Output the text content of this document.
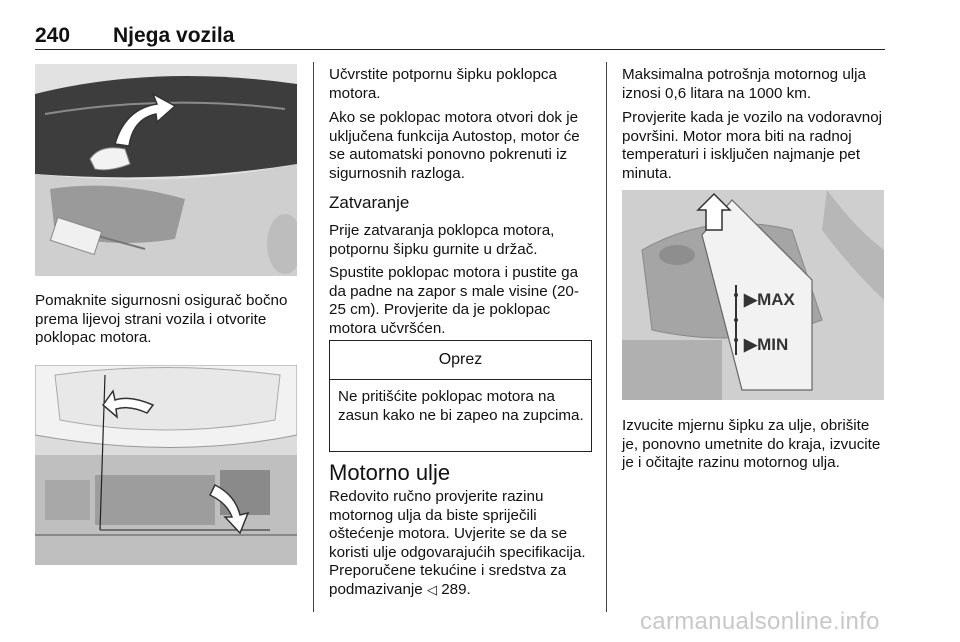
240 Njega vozila

Pomaknite sigurnosni osigurač bočno prema lijevoj strani vozila i otvorite poklopac motora.

Učvrstite potpornu šipku poklopca motora.

Ako se poklopac motora otvori dok je uključena funkcija Autostop, motor će se automatski ponovno pokrenuti iz sigurnosnih razloga.

Zatvaranje

Prije zatvaranja poklopca motora, potpornu šipku gurnite u držač.

Spustite poklopac motora i pustite ga da padne na zapor s male visine (20-25 cm). Provjerite da je poklopac motora učvršćen.

Oprez
Ne pritišćite poklopac motora na zasun kako ne bi zapeo na zupcima.
Motorno ulje

Redovito ručno provjerite razinu motornog ulja da biste spriječili oštećenje motora. Uvjerite se da se koristi ulje odgovarajućih specifikacija. Preporučene tekućine i sredstva za podmazivanje ◁ 289.

Maksimalna potrošnja motornog ulja iznosi 0,6 litara na 1000 km.

Provjerite kada je vozilo na vodoravnoj površini. Motor mora biti na radnoj temperaturi i isključen najmanje pet minuta.

▶MAX
▶MIN

Izvucite mjernu šipku za ulje, obrišite je, ponovno umetnite do kraja, izvucite je i očitajte razinu motornog ulja.

carmanualsonline.info
